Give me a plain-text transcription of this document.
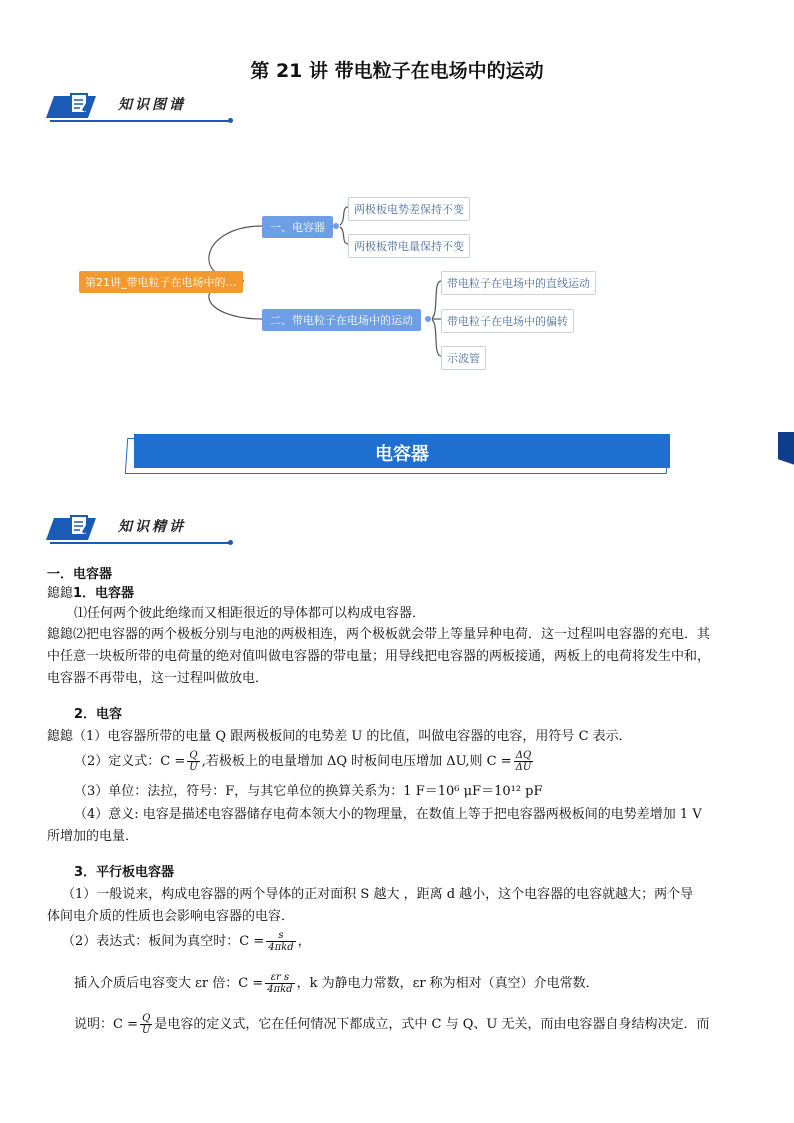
第 21 讲 带电粒子在电场中的运动
知识图谱
第21讲_带电粒子在电场中的…
一、电容器
两极板电势差保持不变
两极板带电量保持不变
二、带电粒子在电场中的运动
带电粒子在电场中的直线运动
带电粒子在电场中的偏转
示波管
电容器
知识精讲
一．电容器
鎴鎴1．电容器
⑴任何两个彼此绝缘而又相距很近的导体都可以构成电容器．
鎴鎴⑵把电容器的两个极板分别与电池的两极相连，两个极板就会带上等量异种电荷．这一过程叫电容器的充电．其
中任意一块板所带的电荷量的绝对值叫做电容器的带电量；用导线把电容器的两板接通，两板上的电荷将发生中和，
电容器不再带电，这一过程叫做放电．
2．电容
鎴鎴（1）电容器所带的电量 Q 跟两极板间的电势差 U 的比值，叫做电容器的电容，用符号 C 表示．
（2）定义式：$C = \frac{Q}{U}$ ,若极板上的电量增加 ΔQ 时板间电压增加 ΔU,则 $C = \frac{\Delta Q}{\Delta U}$
（3）单位：法拉，符号：F，与其它单位的换算关系为：1 F＝10⁶ μF＝10¹² pF
（4）意义: 电容是描述电容器储存电荷本领大小的物理量，在数值上等于把电容器两极板间的电势差增加 1 V
所增加的电量．
3．平行板电容器
（1）一般说来，构成电容器的两个导体的正对面积 S 越大 ，距离 d 越小，这个电容器的电容就越大；两个导
体间电介质的性质也会影响电容器的电容．
（2）表达式：板间为真空时：$C = \frac{s}{\text{4πkd}}$ ，
插入介质后电容变大 εr 倍：$C = \frac{\text{εr s}}{\text{4πkd}}$ ，k 为静电力常数，εr 称为相对（真空）介电常数．
说明：$C = \frac{Q}{U}$ 是电容的定义式，它在任何情况下都成立，式中 C 与 Q、U 无关，而由电容器自身结构决定．而
